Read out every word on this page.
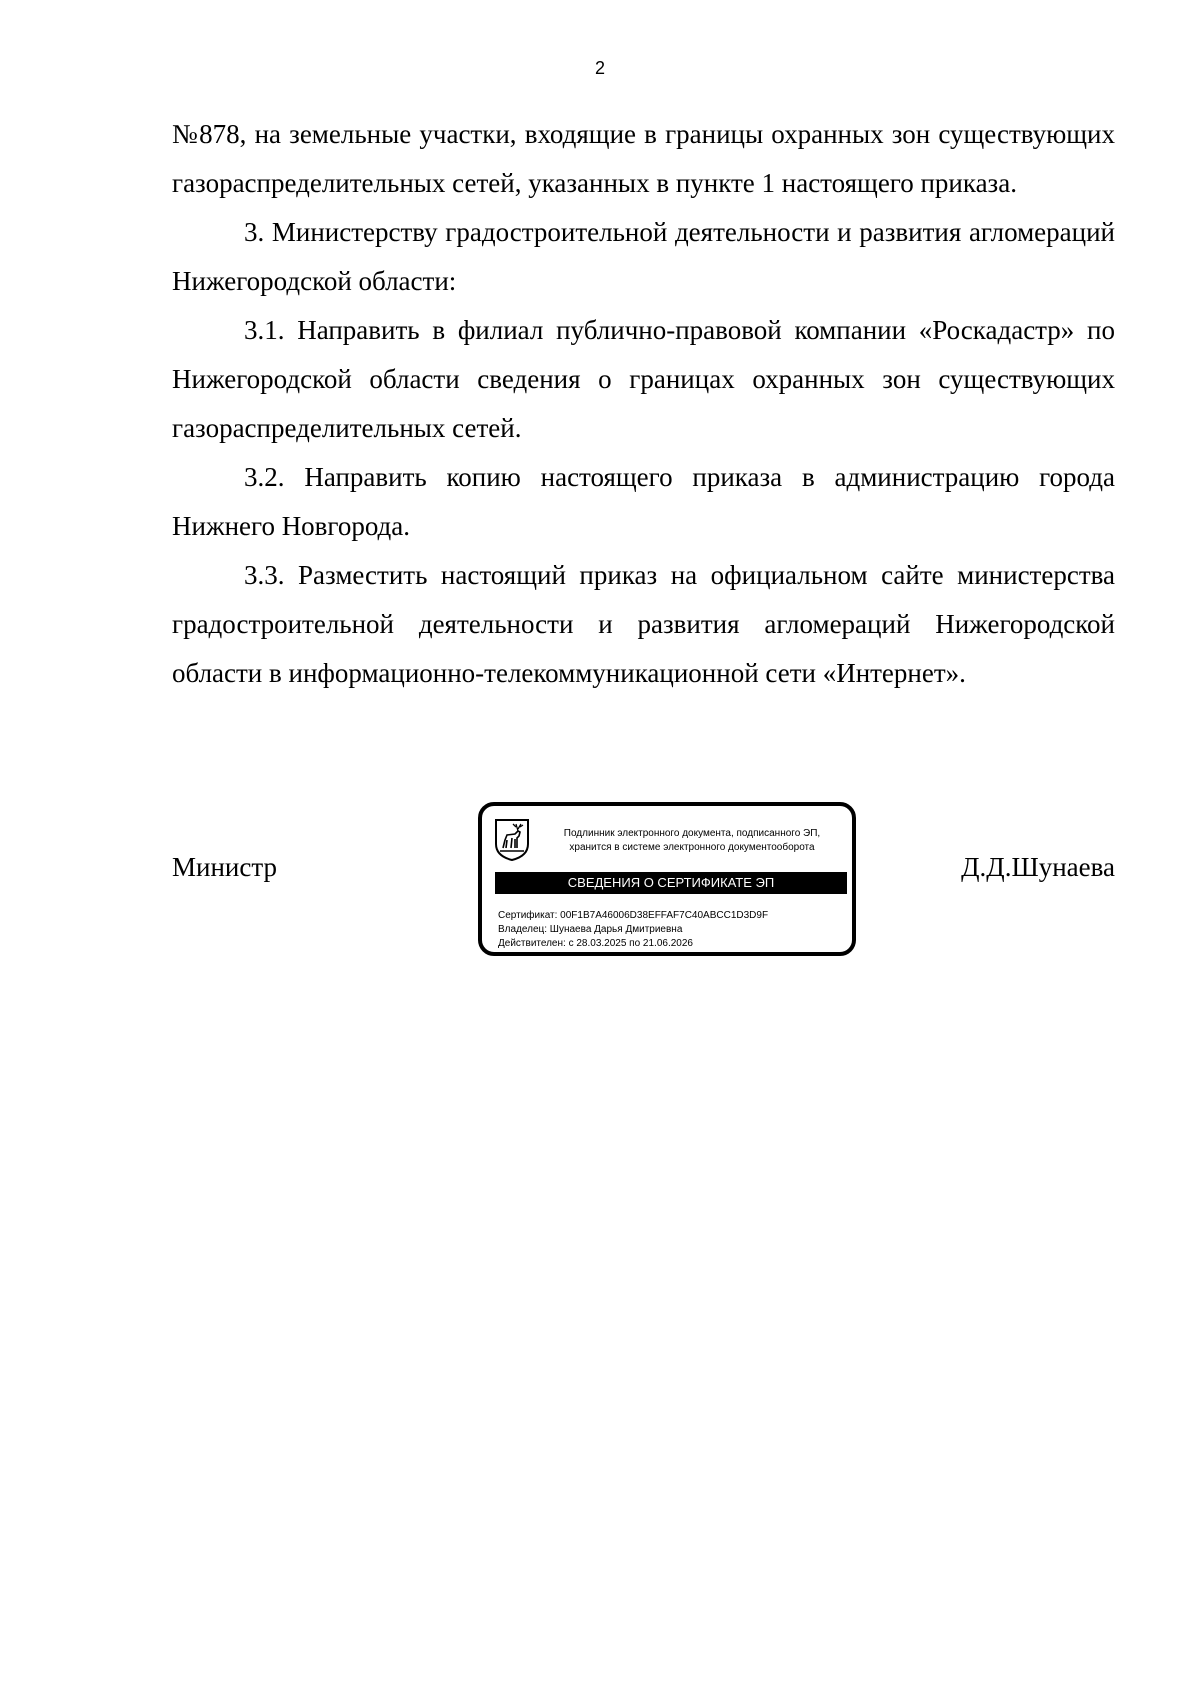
2

№878, на земельные участки, входящие в границы охранных зон существующих газораспределительных сетей, указанных в пункте 1 настоящего приказа.

3. Министерству градостроительной деятельности и развития агломераций Нижегородской области:

3.1. Направить в филиал публично-правовой компании «Роскадастр» по Нижегородской области сведения о границах охранных зон существующих газораспределительных сетей.

3.2. Направить копию настоящего приказа в администрацию города Нижнего Новгорода.

3.3. Разместить настоящий приказ на официальном сайте министерства градостроительной деятельности и развития агломераций Нижегородской области в информационно-телекоммуникационной сети «Интернет».

Министр	Д.Д.Шунаева
Подлинник электронного документа, подписанного ЭП,
хранится в системе электронного документооборота
СВЕДЕНИЯ О СЕРТИФИКАТЕ ЭП
Сертификат: 00F1B7A46006D38EFFAF7C40ABCC1D3D9F
Владелец: Шунаева Дарья Дмитриевна
Действителен: с 28.03.2025 по 21.06.2026
